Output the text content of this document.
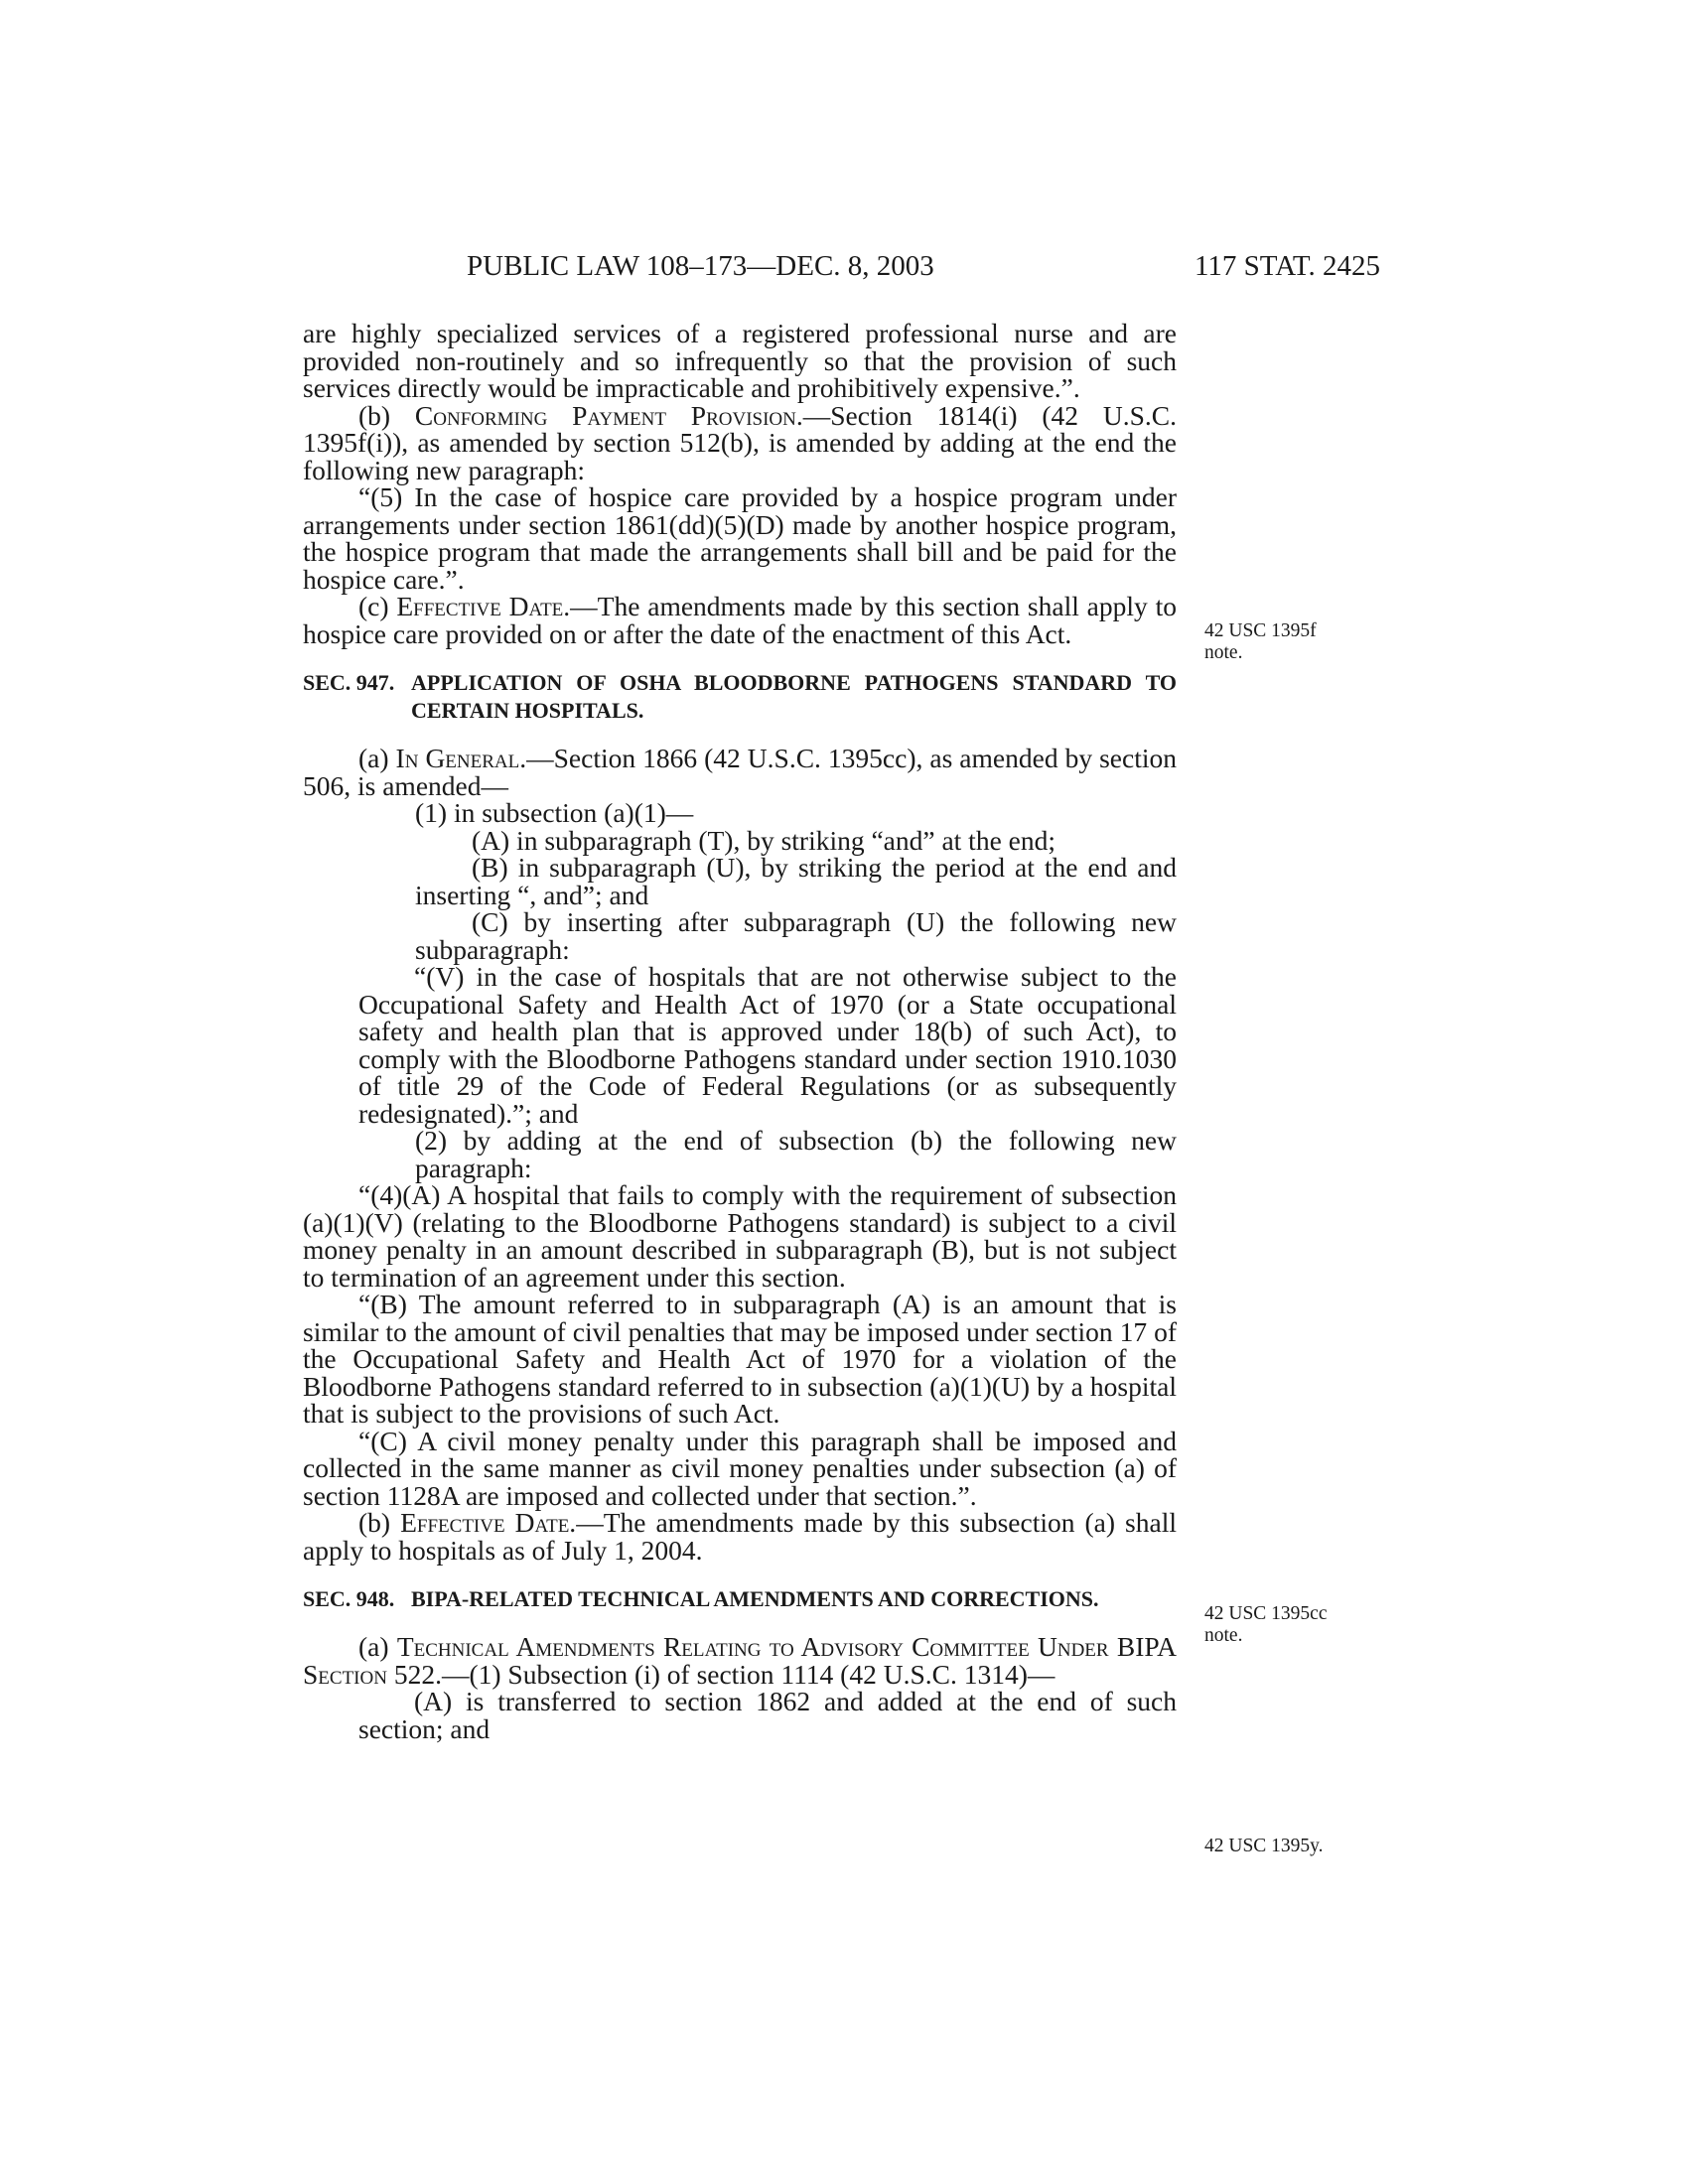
PUBLIC LAW 108–173—DEC. 8, 2003	117 STAT. 2425

are highly specialized services of a registered professional nurse and are provided non-routinely and so infrequently so that the provision of such services directly would be impracticable and prohibitively expensive.”.

(b) Conforming Payment Provision.—Section 1814(i) (42 U.S.C. 1395f(i)), as amended by section 512(b), is amended by adding at the end the following new paragraph:

“(5) In the case of hospice care provided by a hospice program under arrangements under section 1861(dd)(5)(D) made by another hospice program, the hospice program that made the arrangements shall bill and be paid for the hospice care.”.

(c) Effective Date.—The amendments made by this section shall apply to hospice care provided on or after the date of the enactment of this Act.

SEC. 947. APPLICATION OF OSHA BLOODBORNE PATHOGENS STANDARD TO CERTAIN HOSPITALS.

(a) In General.—Section 1866 (42 U.S.C. 1395cc), as amended by section 506, is amended—

(1) in subsection (a)(1)—

(A) in subparagraph (T), by striking “and” at the end;

(B) in subparagraph (U), by striking the period at the end and inserting “, and”; and

(C) by inserting after subparagraph (U) the following new subparagraph:

“(V) in the case of hospitals that are not otherwise subject to the Occupational Safety and Health Act of 1970 (or a State occupational safety and health plan that is approved under 18(b) of such Act), to comply with the Bloodborne Pathogens standard under section 1910.1030 of title 29 of the Code of Federal Regulations (or as subsequently redesignated).”; and

(2) by adding at the end of subsection (b) the following new paragraph:

“(4)(A) A hospital that fails to comply with the requirement of subsection (a)(1)(V) (relating to the Bloodborne Pathogens standard) is subject to a civil money penalty in an amount described in subparagraph (B), but is not subject to termination of an agreement under this section.

“(B) The amount referred to in subparagraph (A) is an amount that is similar to the amount of civil penalties that may be imposed under section 17 of the Occupational Safety and Health Act of 1970 for a violation of the Bloodborne Pathogens standard referred to in subsection (a)(1)(U) by a hospital that is subject to the provisions of such Act.

“(C) A civil money penalty under this paragraph shall be imposed and collected in the same manner as civil money penalties under subsection (a) of section 1128A are imposed and collected under that section.”.

(b) Effective Date.—The amendments made by this subsection (a) shall apply to hospitals as of July 1, 2004.

SEC. 948. BIPA-RELATED TECHNICAL AMENDMENTS AND CORRECTIONS.

(a) Technical Amendments Relating to Advisory Committee Under BIPA Section 522.—(1) Subsection (i) of section 1114 (42 U.S.C. 1314)—

(A) is transferred to section 1862 and added at the end of such section; and

42 USC 1395f
note.
42 USC 1395cc
note.
42 USC 1395y.
